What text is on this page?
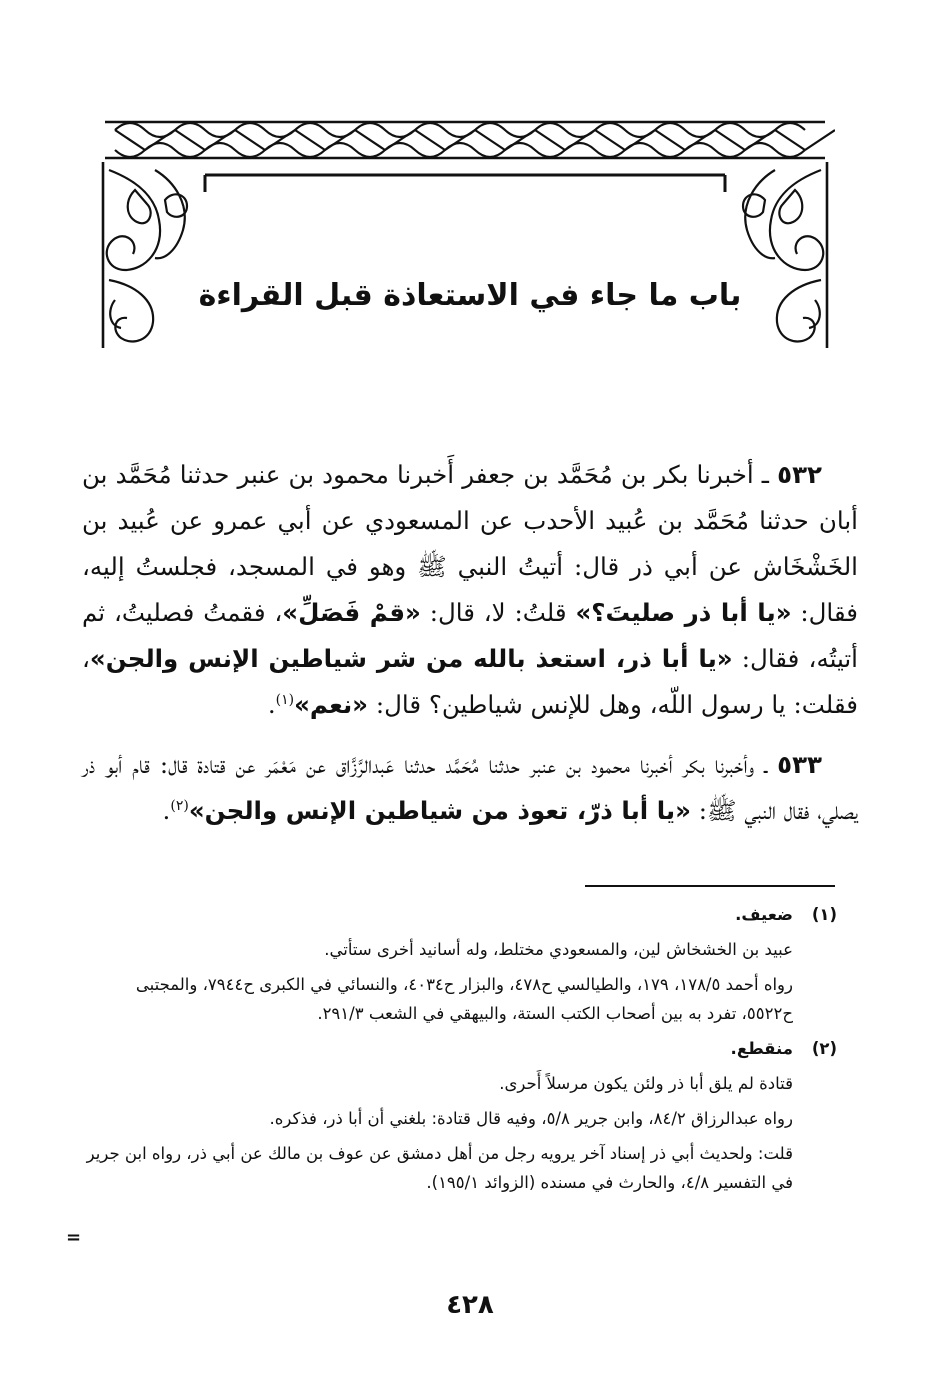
باب ما جاء في الاستعاذة قبل القراءة

٥٣٢ ـ أخبرنا بكر بن مُحَمَّد بن جعفر أَخبرنا محمود بن عنبر حدثنا مُحَمَّد بن أبان حدثنا مُحَمَّد بن عُبيد الأحدب عن المسعودي عن أبي عمرو عن عُبيد بن الخَشْخَاش عن أبي ذر قال: أتيتُ النبي ﷺ وهو في المسجد، فجلستُ إليه، فقال: «يا أبا ذر صليتَ؟» قلتُ: لا، قال: «قمْ فَصَلِّ»، فقمتُ فصليتُ، ثم أتيتُه، فقال: «يا أبا ذر، استعذ بالله من شر شياطين الإنس والجن»، فقلت: يا رسول اللّه، وهل للإنس شياطين؟ قال: «نعم»$^{(١)}$.

٥٣٣ ـ وأخبرنا بكر أخبرنا محمود بن عنبر حدثنا مُحَمَّد حدثنا عَبدالرَّزَّاق عن مَعْمَر عن قتادة قال: قام أبو ذر يصلي، فقال النبي ﷺ: «يا أبا ذرّ، تعوذ من شياطين الإنس والجن»$^{(٢)}$.

(١)
ضعيف.

عبيد بن الخشخاش لين، والمسعودي مختلط، وله أسانيد أخرى ستأتي.

رواه أحمد ١٧٨/٥، ١٧٩، والطيالسي ح٤٧٨، والبزار ح٤٠٣٤، والنسائي في الكبرى ح٧٩٤٤، والمجتبى ح٥٥٢٢، تفرد به بين أصحاب الكتب الستة، والبيهقي في الشعب ٢٩١/٣.

(٢)
منقطع.

قتادة لم يلق أبا ذر ولئن يكون مرسلاً أَحرى.

رواه عبدالرزاق ٨٤/٢، وابن جرير ٥/٨، وفيه قال قتادة: بلغني أن أبا ذر، فذكره.

قلت: ولحديث أبي ذر إسناد آخر يرويه رجل من أهل دمشق عن عوف بن مالك عن أبي ذر، رواه ابن جرير في التفسير ٤/٨، والحارث في مسنده (الزوائد ١٩٥/١).

=
٤٢٨
